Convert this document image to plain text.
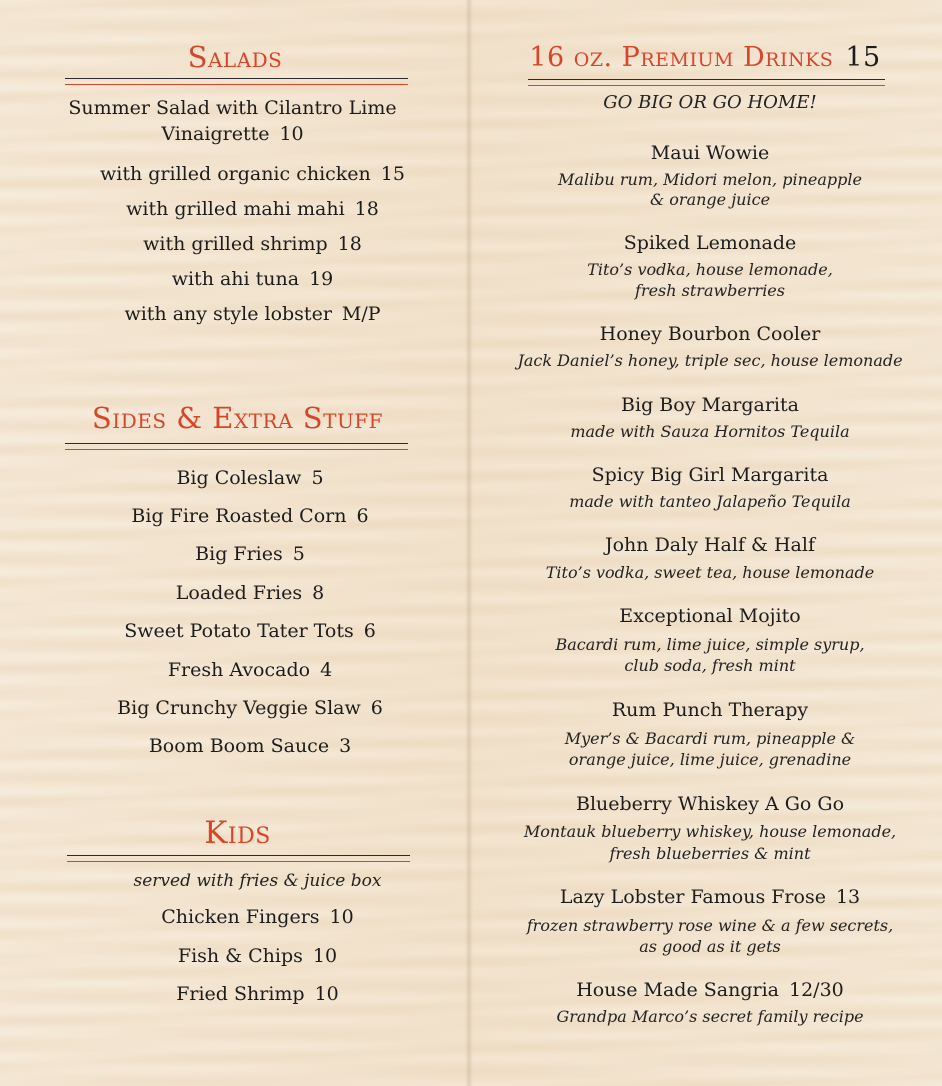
Salads
Summer Salad with Cilantro Lime
Vinaigrette 10
with grilled organic chicken 15
with grilled mahi mahi 18
with grilled shrimp 18
with ahi tuna 19
with any style lobster M/P
Sides & Extra Stuff
Big Coleslaw 5
Big Fire Roasted Corn 6
Big Fries 5
Loaded Fries 8
Sweet Potato Tater Tots 6
Fresh Avocado 4
Big Crunchy Veggie Slaw 6
Boom Boom Sauce 3
Kids
served with fries & juice box
Chicken Fingers 10
Fish & Chips 10
Fried Shrimp 10
16 oz. Premium Drinks 15
GO BIG OR GO HOME!
Maui Wowie
Malibu rum, Midori melon, pineapple
& orange juice
Spiked Lemonade
Tito’s vodka, house lemonade,
fresh strawberries
Honey Bourbon Cooler
Jack Daniel’s honey, triple sec, house lemonade
Big Boy Margarita
made with Sauza Hornitos Tequila
Spicy Big Girl Margarita
made with tanteo Jalapeño Tequila
John Daly Half & Half
Tito’s vodka, sweet tea, house lemonade
Exceptional Mojito
Bacardi rum, lime juice, simple syrup,
club soda, fresh mint
Rum Punch Therapy
Myer’s & Bacardi rum, pineapple &
orange juice, lime juice, grenadine
Blueberry Whiskey A Go Go
Montauk blueberry whiskey, house lemonade,
fresh blueberries & mint
Lazy Lobster Famous Frose 13
frozen strawberry rose wine & a few secrets,
as good as it gets
House Made Sangria 12/30
Grandpa Marco’s secret family recipe
